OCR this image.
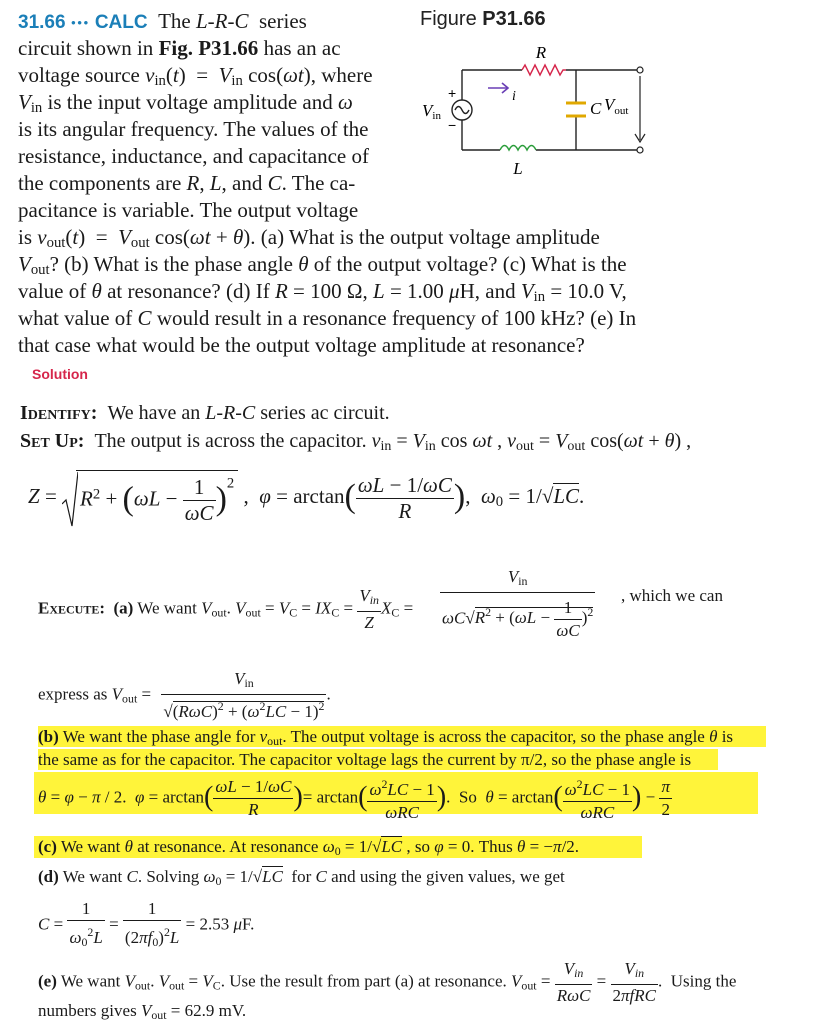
31.66 ••• CALC  The L-R-C  series
circuit shown in Fig. P31.66 has an ac
voltage source $v_{in}(t) = V_{in}$ cos(ωt), where
$V_{in}$ is the input voltage amplitude and ω
is its angular frequency. The values of the
resistance, inductance, and capacitance of
the components are R, L, and C. The ca-
pacitance is variable. The output voltage
is $v_{out}(t) = V_{out}$ cos(ωt + θ). (a) What is the output voltage amplitude
$V_{out}$? (b) What is the phase angle θ of the output voltage? (c) What is the
value of θ at resonance? (d) If R = 100 Ω, L = 1.00 μH, and $V_{in} = 10.0$ V,
what value of C would result in a resonance frequency of 100 kHz? (e) In
that case what would be the output voltage amplitude at resonance?
Figure P31.66
R
i
+
−
Vin	C $V_{out}$
L
Solution
Identify:  We have an L-R-C series ac circuit.
Set Up:  The output is across the capacitor. $v_{in} = V_{in}$ cos ωt , $v_{out} = V_{out}$ cos(ωt + θ) ,
Z =
$R^2 + (\omega L - \frac{1}{\omega C} )^2$ ,  $\varphi = \arctan( \frac{\omega L - 1/\omega C}{R}$ ),  $\omega_0 = 1/√LC$.
Execute: (a) We want $V_{out}$. $V_{out} = V_C = IX_C = \frac{V_{in}}{Z} X_C = \frac{V_{in}}{\omega C√R^2 + (\omega L - \frac{1}{\omega C} )^2}$ , which we can
express as $V_{out} = \frac{V_{in}}{√(R\omega C)^2 + (\omega^2LC - 1)^2}$ .
(b) We want the phase angle for $v_{out}$. The output voltage is across the capacitor, so the phase angle θ is
the same as for the capacitor. The capacitor voltage lags the current by π/2, so the phase angle is
θ = φ − π / 2.  $\varphi = \arctan( \frac{\omega L - 1/\omega C}{R}$ )= $\arctan( \frac{\omega^2LC - 1}{\text{ωRC}}$ ).  So  $\theta = \arctan( \frac{\omega^2LC - 1}{\text{ωRC}}$ ) − $\frac{\pi}{2}$
(c) We want θ at resonance. At resonance $\omega_0 = 1/√LC$ , so φ = 0. Thus θ = −π/2.
(d) We want C. Solving $\omega_0 = 1/√LC$  for C and using the given values, we get
$C = \frac{1}{\omega_0^2L} = \frac{1}{(2\pi f_0)^2L} = 2.53$ μF.
(e) We want $V_{out}$. $V_{out} = V_C$. Use the result from part (a) at resonance. $V_{out} = \frac{V_{in}}{\text{RωC}} = \frac{V_{in}}{\text{2πfRC}}$ .  Using the
numbers gives $V_{out} = 62.9$ mV.
